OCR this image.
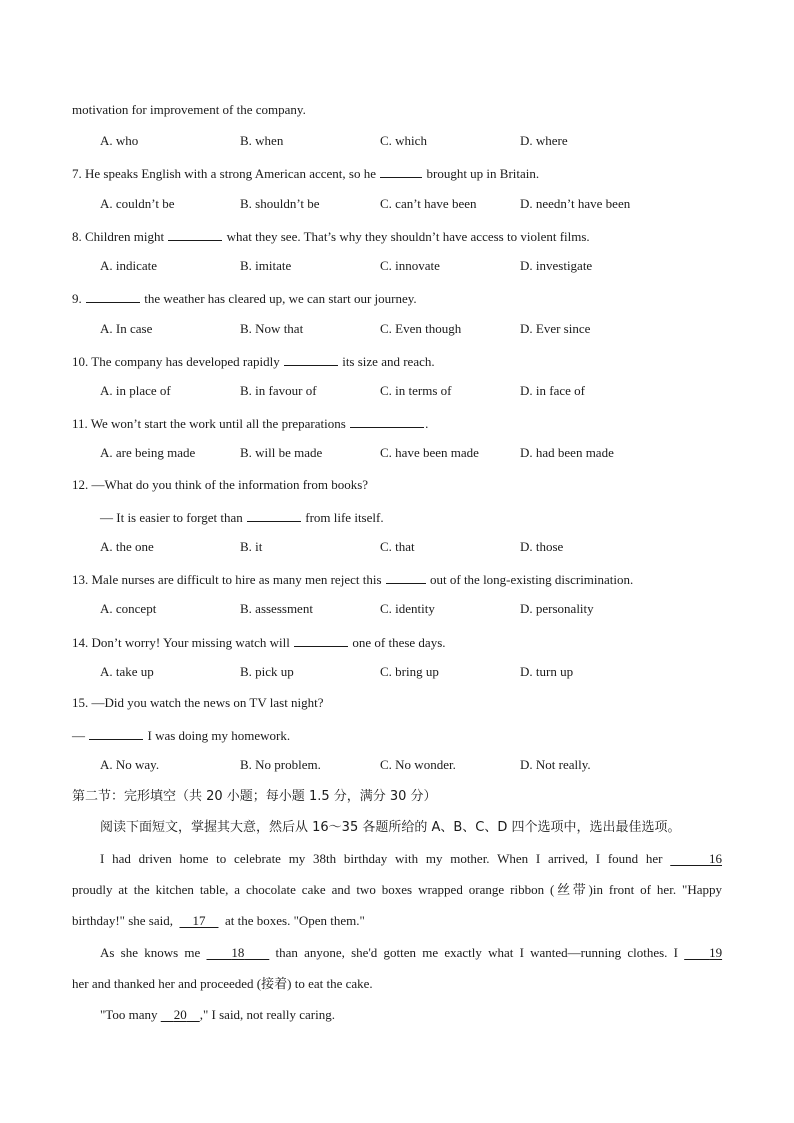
motivation for improvement of the company.
A. who	B. when	C. which	D. where
7. He speaks English with a strong American accent, so he	brought up in Britain.
A. couldn’t be	B. shouldn’t be	C. can’t have been	D. needn’t have been
8. Children might	what they see. That’s why they shouldn’t have access to violent films.
A. indicate	B. imitate	C. innovate	D. investigate
9.	the weather has cleared up, we can start our journey.
A. In case	B. Now that	C. Even though	D. Ever since
10. The company has developed rapidly	its size and reach.
A. in place of	B. in favour of	C. in terms of	D. in face of
11. We won’t start the work until all the preparations	.
A. are being made	B. will be made	C. have been made	D. had been made
12. —What do you think of the information from books?
— It is easier to forget than	from life itself.
A. the one	B. it	C. that	D. those
13. Male nurses are difficult to hire as many men reject this	out of the long-existing discrimination.
A. concept	B. assessment	C. identity	D. personality
14. Don’t worry! Your missing watch will	one of these days.
A. take up	B. pick up	C. bring up	D. turn up
15. —Did you watch the news on TV last night?
—	I was doing my homework.
A. No way.	B. No problem.	C. No wonder.	D. Not really.
第二节：完形填空（共 20 小题；每小题 1.5 分，满分 30 分）
阅读下面短文，掌握其大意，然后从 16～35 各题所给的 A、B、C、D 四个选项中，选出最佳选项。
I had driven home to celebrate my 38th birthday with my mother. When I arrived, I found her	16
proudly at the kitchen table, a chocolate cake and two boxes wrapped orange ribbon (丝带)in front of her. "Happy
birthday!" she said, 17 at the boxes. "Open them."
As she knows me 18 than anyone, she'd gotten me exactly what I wanted—running clothes. I 19
her and thanked her and proceeded (接着) to eat the cake.
"Too many 20 ," I said, not really caring.
